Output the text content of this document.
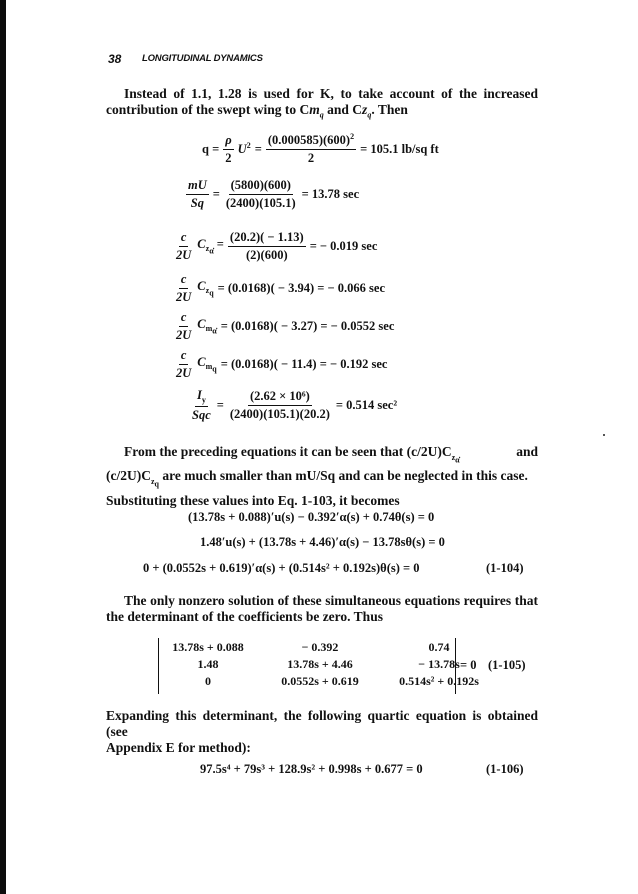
38 LONGITUDINAL DYNAMICS
Instead of 1.1, 1.28 is used for K, to take account of the increased
contribution of the swept wing to $Cm_q$ and $Cz_q$. Then
$q = \frac{\rho}{2} U^2 = \frac{(0.000585)(600)^2}{2} = 105.1$ lb/sq ft
$\frac{mU}{Sq} = \frac{(5800)(600)}{(2400)(105.1)} = 13.78$ sec
$\frac{c}{2U} C_{z_{\alphȧ}} = \frac{(20.2)( - 1.13)}{(2)(600)}$ = − 0.019 sec
$\frac{c}{2U} C_{z_q} = (0.0168)( - 3.94)$ = − 0.066 sec
$\frac{c}{2U} C_{m_{\alphȧ}} = (0.0168)( - 3.27)$ = − 0.0552 sec
$\frac{c}{2U} C_{m_q} = (0.0168)( - 11.4)$ = − 0.192 sec
$\frac{I_y}{\text{Sqc}} = \frac{\text{(2.62 × 10⁶)}}{(2400)(105.1)(20.2)} = 0.514$ sec²
From the preceding equations it can be seen that $(c/2U)C_{z_{\alphȧ}}$
and
$(c/2U)C_{z_q}$ are much smaller than mU/Sq and can be neglected in this case.
Substituting these values into Eq. 1-103, it becomes
(13.78s + 0.088)′u(s) − 0.392′α(s) + 0.74θ(s) = 0
1.48′u(s) + (13.78s + 4.46)′α(s) − 13.78sθ(s) = 0
0 + (0.0552s + 0.619)′α(s) + (0.514s² + 0.192s)θ(s) = 0	(1-104)
The only nonzero solution of these simultaneous equations requires that
the determinant of the coefficients be zero. Thus
13.78s + 0.088	− 0.392	0.74
1.48	13.78s + 4.46	− 13.78s
0	0.0552s + 0.619	0.514s² + 0.192s
= 0 (1-105)
Expanding this determinant, the following quartic equation is obtained (see
Appendix E for method):
97.5s⁴ + 79s³ + 128.9s² + 0.998s + 0.677 = 0	(1-106)
